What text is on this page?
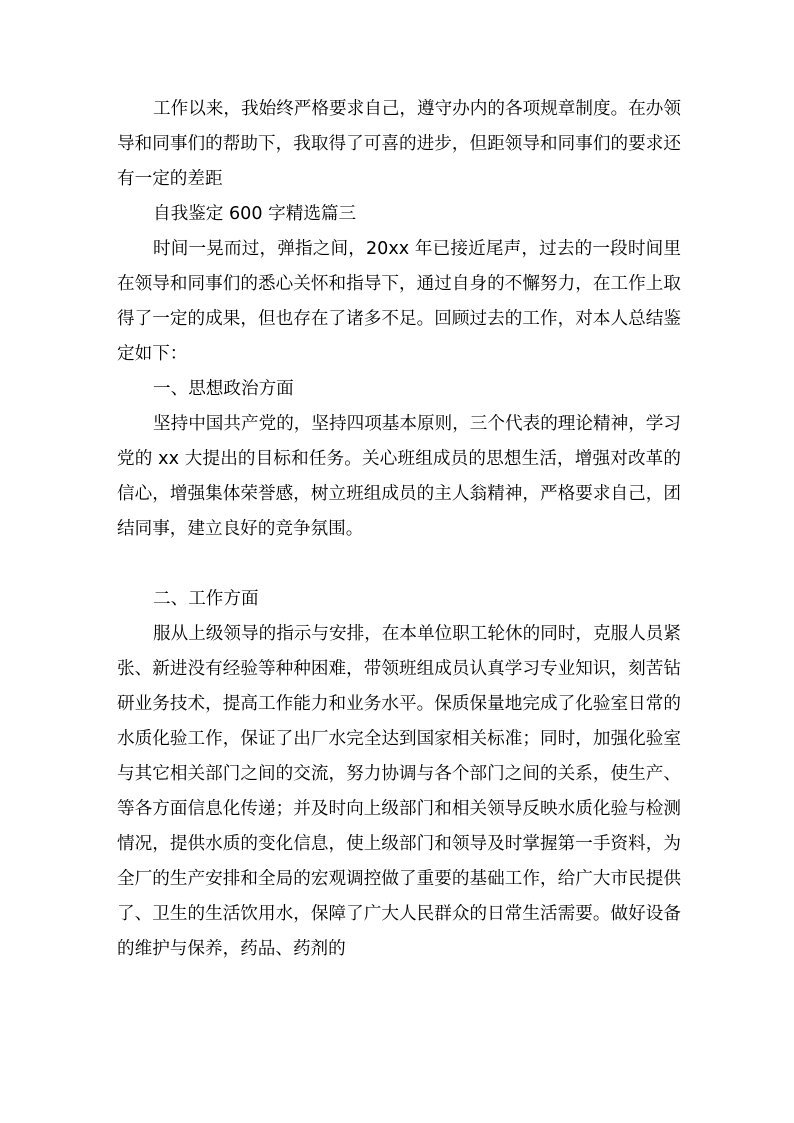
工作以来，我始终严格要求自己，遵守办内的各项规章制度。在办领导和同事们的帮助下，我取得了可喜的进步，但距领导和同事们的要求还有一定的差距

自我鉴定 600 字精选篇三

时间一晃而过，弹指之间，20xx 年已接近尾声，过去的一段时间里在领导和同事们的悉心关怀和指导下，通过自身的不懈努力，在工作上取得了一定的成果，但也存在了诸多不足。回顾过去的工作，对本人总结鉴定如下：

一、思想政治方面

坚持中国共产党的，坚持四项基本原则，三个代表的理论精神，学习党的 xx 大提出的目标和任务。关心班组成员的思想生活，增强对改革的信心，增强集体荣誉感，树立班组成员的主人翁精神，严格要求自己，团结同事，建立良好的竞争氛围。

二、工作方面

服从上级领导的指示与安排，在本单位职工轮休的同时，克服人员紧张、新进没有经验等种种困难，带领班组成员认真学习专业知识，刻苦钻研业务技术，提高工作能力和业务水平。保质保量地完成了化验室日常的水质化验工作，保证了出厂水完全达到国家相关标准；同时，加强化验室与其它相关部门之间的交流，努力协调与各个部门之间的关系，使生产、等各方面信息化传递；并及时向上级部门和相关领导反映水质化验与检测情况，提供水质的变化信息，使上级部门和领导及时掌握第一手资料，为全厂的生产安排和全局的宏观调控做了重要的基础工作，给广大市民提供了、卫生的生活饮用水，保障了广大人民群众的日常生活需要。做好设备的维护与保养，药品、药剂的
